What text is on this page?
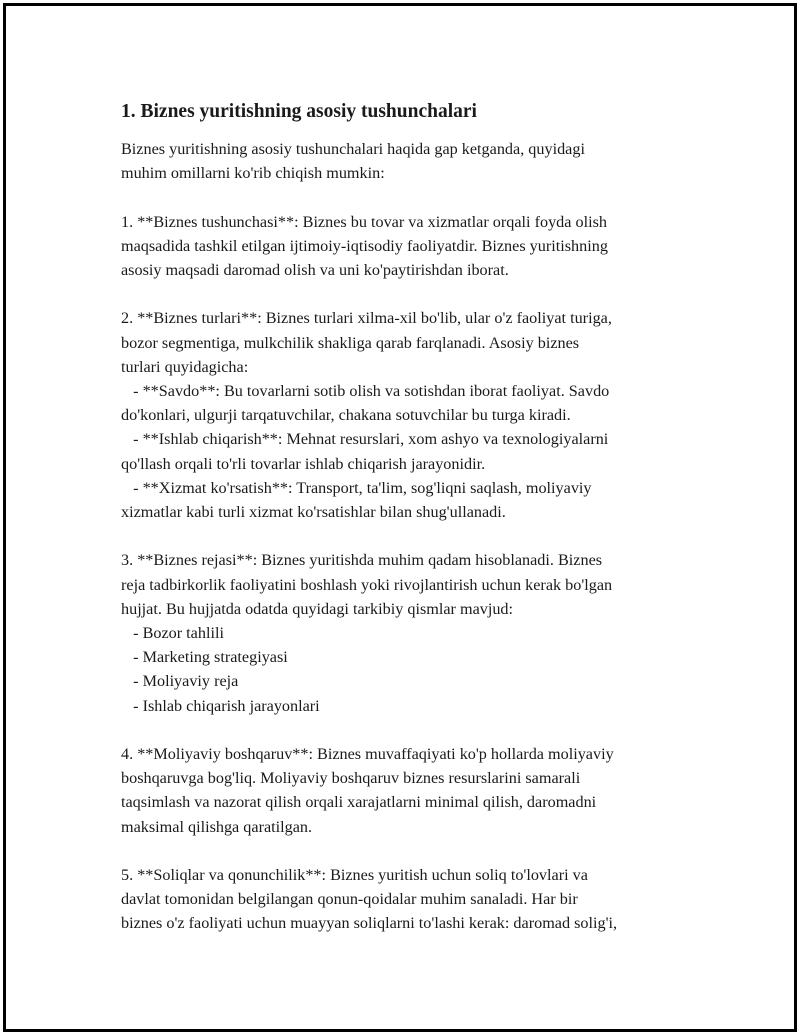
1. Biznes yuritishning asosiy tushunchalari
Biznes yuritishning asosiy tushunchalari haqida gap ketganda, quyidagi
muhim omillarni ko'rib chiqish mumkin:
1. **Biznes tushunchasi**: Biznes bu tovar va xizmatlar orqali foyda olish
maqsadida tashkil etilgan ijtimoiy-iqtisodiy faoliyatdir. Biznes yuritishning
asosiy maqsadi daromad olish va uni ko'paytirishdan iborat.
2. **Biznes turlari**: Biznes turlari xilma-xil bo'lib, ular o'z faoliyat turiga,
bozor segmentiga, mulkchilik shakliga qarab farqlanadi. Asosiy biznes
turlari quyidagicha:
- **Savdo**: Bu tovarlarni sotib olish va sotishdan iborat faoliyat. Savdo
do'konlari, ulgurji tarqatuvchilar, chakana sotuvchilar bu turga kiradi.
- **Ishlab chiqarish**: Mehnat resurslari, xom ashyo va texnologiyalarni
qo'llash orqali to'rli tovarlar ishlab chiqarish jarayonidir.
- **Xizmat ko'rsatish**: Transport, ta'lim, sog'liqni saqlash, moliyaviy
xizmatlar kabi turli xizmat ko'rsatishlar bilan shug'ullanadi.
3. **Biznes rejasi**: Biznes yuritishda muhim qadam hisoblanadi. Biznes
reja tadbirkorlik faoliyatini boshlash yoki rivojlantirish uchun kerak bo'lgan
hujjat. Bu hujjatda odatda quyidagi tarkibiy qismlar mavjud:
- Bozor tahlili
- Marketing strategiyasi
- Moliyaviy reja
- Ishlab chiqarish jarayonlari
4. **Moliyaviy boshqaruv**: Biznes muvaffaqiyati ko'p hollarda moliyaviy
boshqaruvga bog'liq. Moliyaviy boshqaruv biznes resurslarini samarali
taqsimlash va nazorat qilish orqali xarajatlarni minimal qilish, daromadni
maksimal qilishga qaratilgan.
5. **Soliqlar va qonunchilik**: Biznes yuritish uchun soliq to'lovlari va
davlat tomonidan belgilangan qonun-qoidalar muhim sanaladi. Har bir
biznes o'z faoliyati uchun muayyan soliqlarni to'lashi kerak: daromad solig'i,
